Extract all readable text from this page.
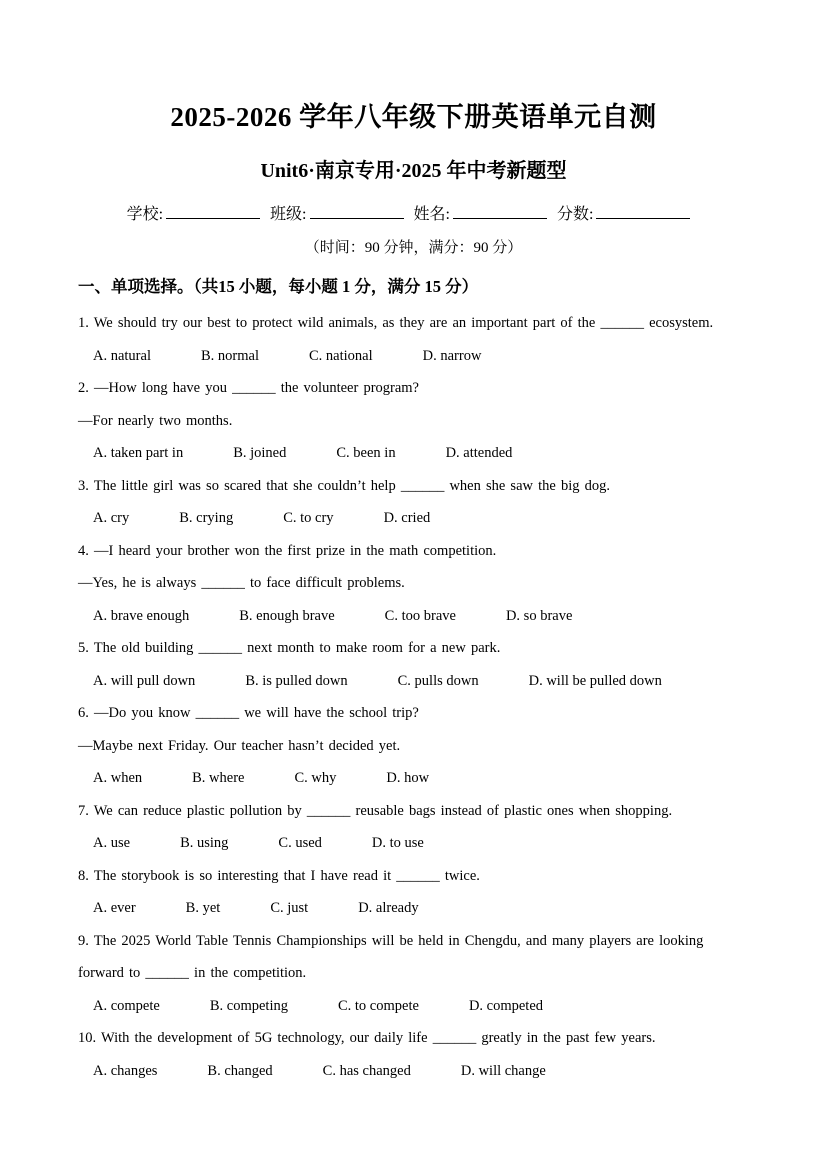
2025-2026 学年八年级下册英语单元自测
Unit6·南京专用·2025 年中考新题型
学校:	班级:	姓名:	分数:
（时间：90 分钟，满分：90 分）
一、单项选择。（共15 小题，每小题 1 分，满分 15 分）

1. We should try our best to protect wild animals, as they are an important part of the ______ ecosystem.

A. natural	B. normal	C. national	D. narrow

2. —How long have you ______ the volunteer program?

—For nearly two months.

A. taken part in	B. joined	C. been in	D. attended

3. The little girl was so scared that she couldn’t help ______ when she saw the big dog.

A. cry	B. crying	C. to cry	D. cried

4. —I heard your brother won the first prize in the math competition.

—Yes, he is always ______ to face difficult problems.

A. brave enough	B. enough brave	C. too brave	D. so brave

5. The old building ______ next month to make room for a new park.

A. will pull down	B. is pulled down	C. pulls down	D. will be pulled down

6. —Do you know ______ we will have the school trip?

—Maybe next Friday. Our teacher hasn’t decided yet.

A. when	B. where	C. why	D. how

7. We can reduce plastic pollution by ______ reusable bags instead of plastic ones when shopping.

A. use	B. using	C. used	D. to use

8. The storybook is so interesting that I have read it ______ twice.

A. ever	B. yet	C. just	D. already

9. The 2025 World Table Tennis Championships will be held in Chengdu, and many players are looking forward to ______ in the competition.

A. compete	B. competing	C. to compete	D. competed

10. With the development of 5G technology, our daily life ______ greatly in the past few years.

A. changes	B. changed	C. has changed	D. will change
